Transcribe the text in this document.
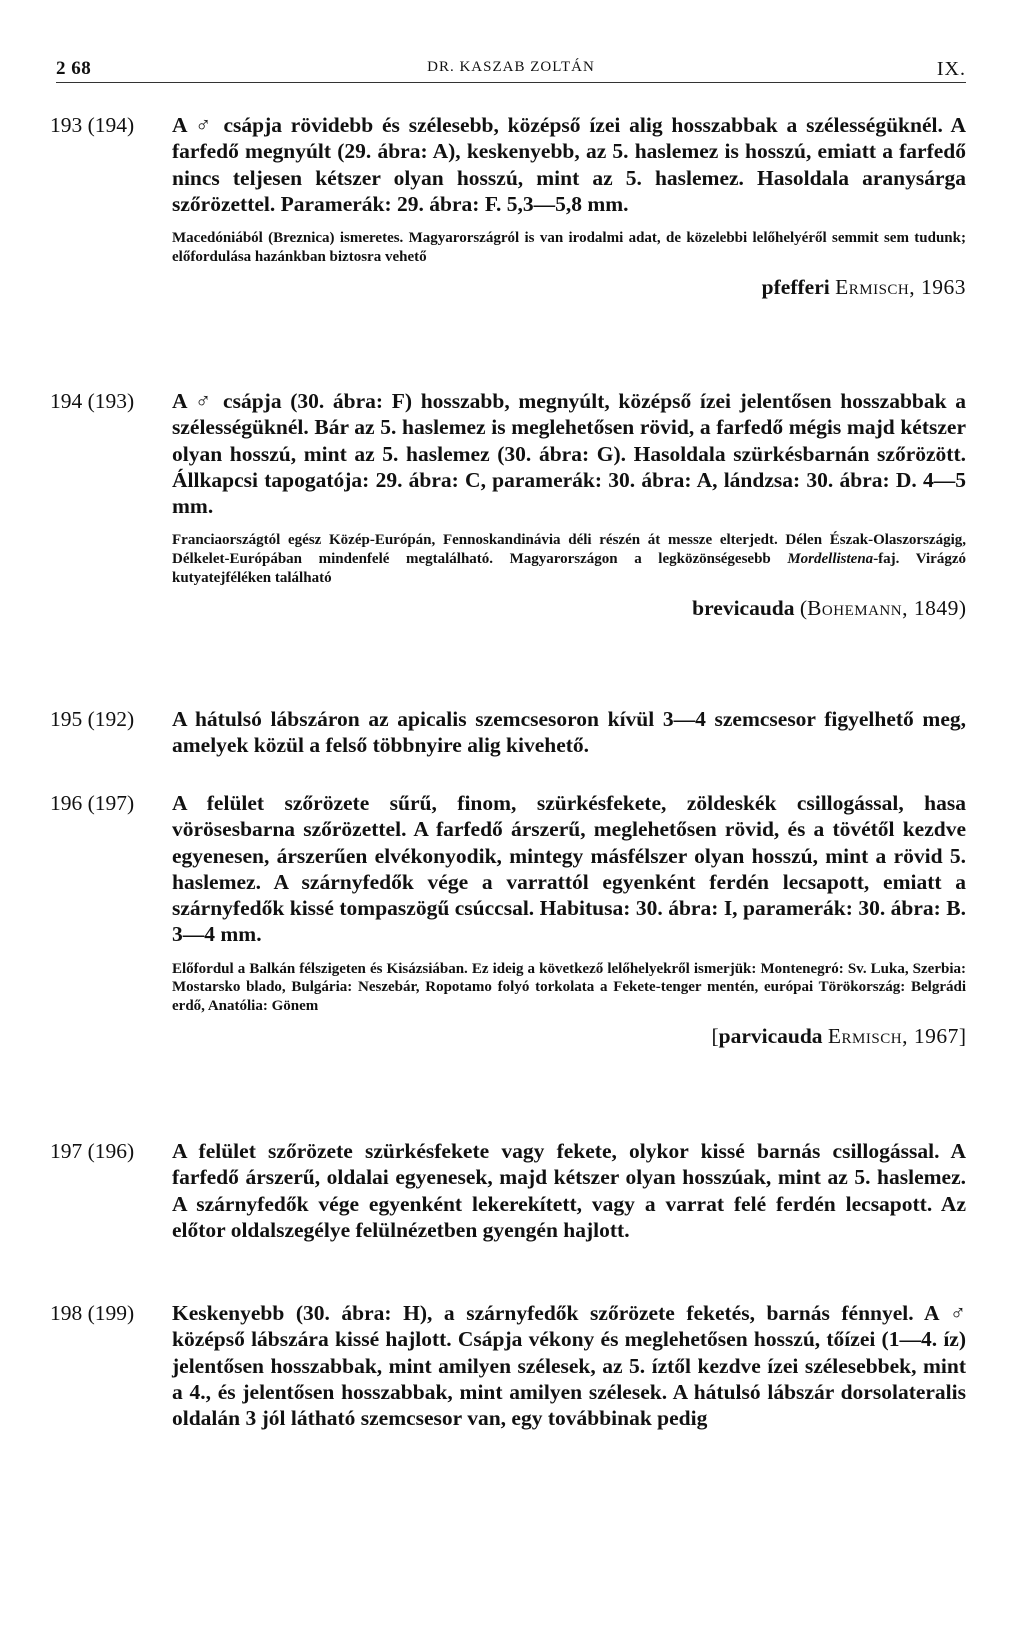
2 68	DR. KASZAB ZOLTÁN	IX.
193 (194)	A ♂ csápja rövidebb és szélesebb, középső ízei alig hosszabbak a szélességüknél. A farfedő megnyúlt (29. ábra: A), keskenyebb, az 5. haslemez is hosszú, emiatt a farfedő nincs teljesen kétszer olyan hosszú, mint az 5. haslemez. Hasoldala aranysárga szőrözettel. Paramerák: 29. ábra: F. 5,3—5,8 mm.
Macedóniából (Breznica) ismeretes. Magyarországról is van irodalmi adat, de közelebbi lelőhelyéről semmit sem tudunk; előfordulása hazánkban biztosra vehető
pfefferi Ermisch, 1963
194 (193)	A ♂ csápja (30. ábra: F) hosszabb, megnyúlt, középső ízei jelentősen hosszabbak a szélességüknél. Bár az 5. haslemez is meglehetősen rövid, a farfedő mégis majd kétszer olyan hosszú, mint az 5. haslemez (30. ábra: G). Hasoldala szürkésbarnán szőrözött. Állkapcsi tapogatója: 29. ábra: C, paramerák: 30. ábra: A, lándzsa: 30. ábra: D. 4—5 mm.
Franciaországtól egész Közép-Európán, Fennoskandinávia déli részén át messze elterjedt. Délen Észak-Olaszországig, Délkelet-Európában mindenfelé megtalálható. Magyarországon a legközönségesebb Mordellistena-faj. Virágzó kutyatejféléken található
brevicauda (Bohemann, 1849)
195 (192)	A hátulsó lábszáron az apicalis szemcsesoron kívül 3—4 szemcsesor figyelhető meg, amelyek közül a felső többnyire alig kivehető.
196 (197)	A felület szőrözete sűrű, finom, szürkésfekete, zöldeskék csillogással, hasa vörösesbarna szőrözettel. A farfedő árszerű, meglehetősen rövid, és a tövétől kezdve egyenesen, árszerűen elvékonyodik, mintegy másfélszer olyan hosszú, mint a rövid 5. haslemez. A szárnyfedők vége a varrattól egyenként ferdén lecsapott, emiatt a szárnyfedők kissé tompaszögű csúccsal. Habitusa: 30. ábra: I, paramerák: 30. ábra: B. 3—4 mm.
Előfordul a Balkán félszigeten és Kisázsiában. Ez ideig a következő lelőhelyekről ismerjük: Montenegró: Sv. Luka, Szerbia: Mostarsko blado, Bulgária: Neszebár, Ropotamo folyó torkolata a Fekete-tenger mentén, európai Törökország: Belgrádi erdő, Anatólia: Gönem
[parvicauda Ermisch, 1967]
197 (196)	A felület szőrözete szürkésfekete vagy fekete, olykor kissé barnás csillogással. A farfedő árszerű, oldalai egyenesek, majd kétszer olyan hosszúak, mint az 5. haslemez. A szárnyfedők vége egyenként lekerekített, vagy a varrat felé ferdén lecsapott. Az előtor oldalszegélye felülnézetben gyengén hajlott.
198 (199)	Keskenyebb (30. ábra: H), a szárnyfedők szőrözete feketés, barnás fénnyel. A ♂ középső lábszára kissé hajlott. Csápja vékony és meglehetősen hosszú, tőízei (1—4. íz) jelentősen hosszabbak, mint amilyen szélesek, az 5. íztől kezdve ízei szélesebbek, mint a 4., és jelentősen hosszabbak, mint amilyen szélesek. A hátulsó lábszár dorsolateralis oldalán 3 jól látható szemcsesor van, egy továbbinak pedig
